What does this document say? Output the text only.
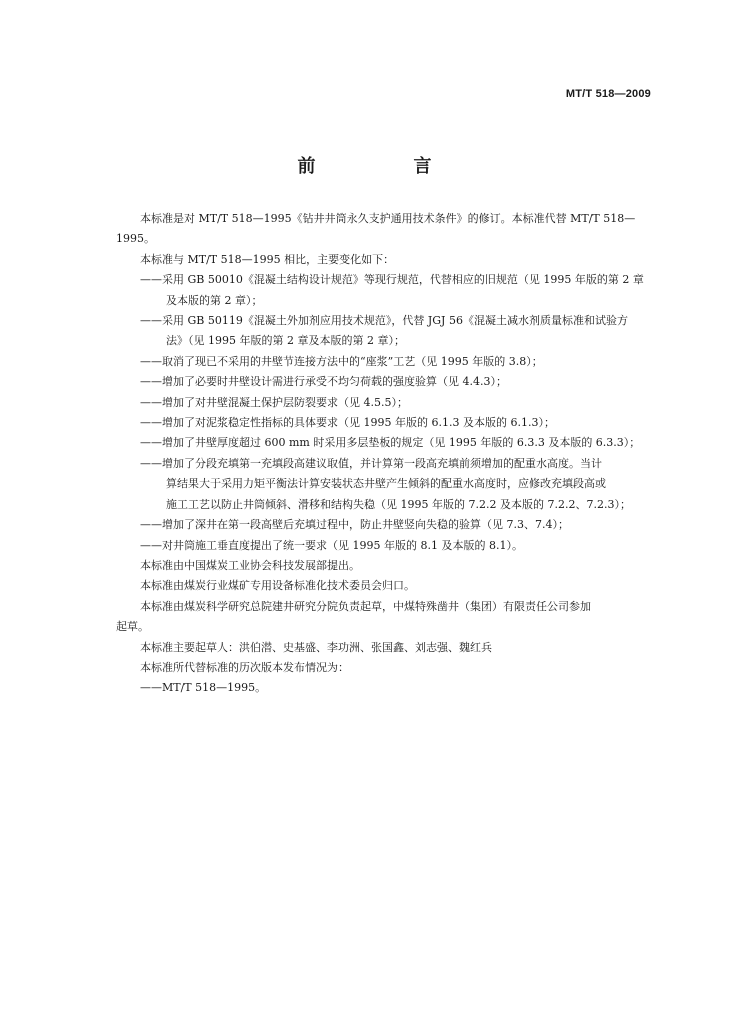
MT/T 518—2009
前　言

本标准是对 MT/T 518—1995《钻井井筒永久支护通用技术条件》的修订。本标准代替 MT/T 518—

1995。

本标准与 MT/T 518—1995 相比，主要变化如下：

——采用 GB 50010《混凝土结构设计规范》等现行规范，代替相应的旧规范（见 1995 年版的第 2 章

及本版的第 2 章）；

——采用 GB 50119《混凝土外加剂应用技术规范》，代替 JGJ 56《混凝土减水剂质量标准和试验方

法》（见 1995 年版的第 2 章及本版的第 2 章）；

——取消了现已不采用的井壁节连接方法中的“座浆”工艺（见 1995 年版的 3.8）；

——增加了必要时井壁设计需进行承受不均匀荷载的强度验算（见 4.4.3）；

——增加了对井壁混凝土保护层防裂要求（见 4.5.5）；

——增加了对泥浆稳定性指标的具体要求（见 1995 年版的 6.1.3 及本版的 6.1.3）；

——增加了井壁厚度超过 600 mm 时采用多层垫板的规定（见 1995 年版的 6.3.3 及本版的 6.3.3）；

——增加了分段充填第一充填段高建议取值，并计算第一段高充填前须增加的配重水高度。当计

算结果大于采用力矩平衡法计算安装状态井壁产生倾斜的配重水高度时，应修改充填段高或

施工工艺以防止井筒倾斜、滑移和结构失稳（见 1995 年版的 7.2.2 及本版的 7.2.2、7.2.3）；

——增加了深井在第一段高壁后充填过程中，防止井壁竖向失稳的验算（见 7.3、7.4）；

——对井筒施工垂直度提出了统一要求（见 1995 年版的 8.1 及本版的 8.1）。

本标准由中国煤炭工业协会科技发展部提出。

本标准由煤炭行业煤矿专用设备标准化技术委员会归口。

本标准由煤炭科学研究总院建井研究分院负责起草，中煤特殊凿井（集团）有限责任公司参加

起草。

本标准主要起草人：洪伯潜、史基盛、李功洲、张国鑫、刘志强、魏红兵

本标准所代替标准的历次版本发布情况为：

——MT/T 518—1995。
